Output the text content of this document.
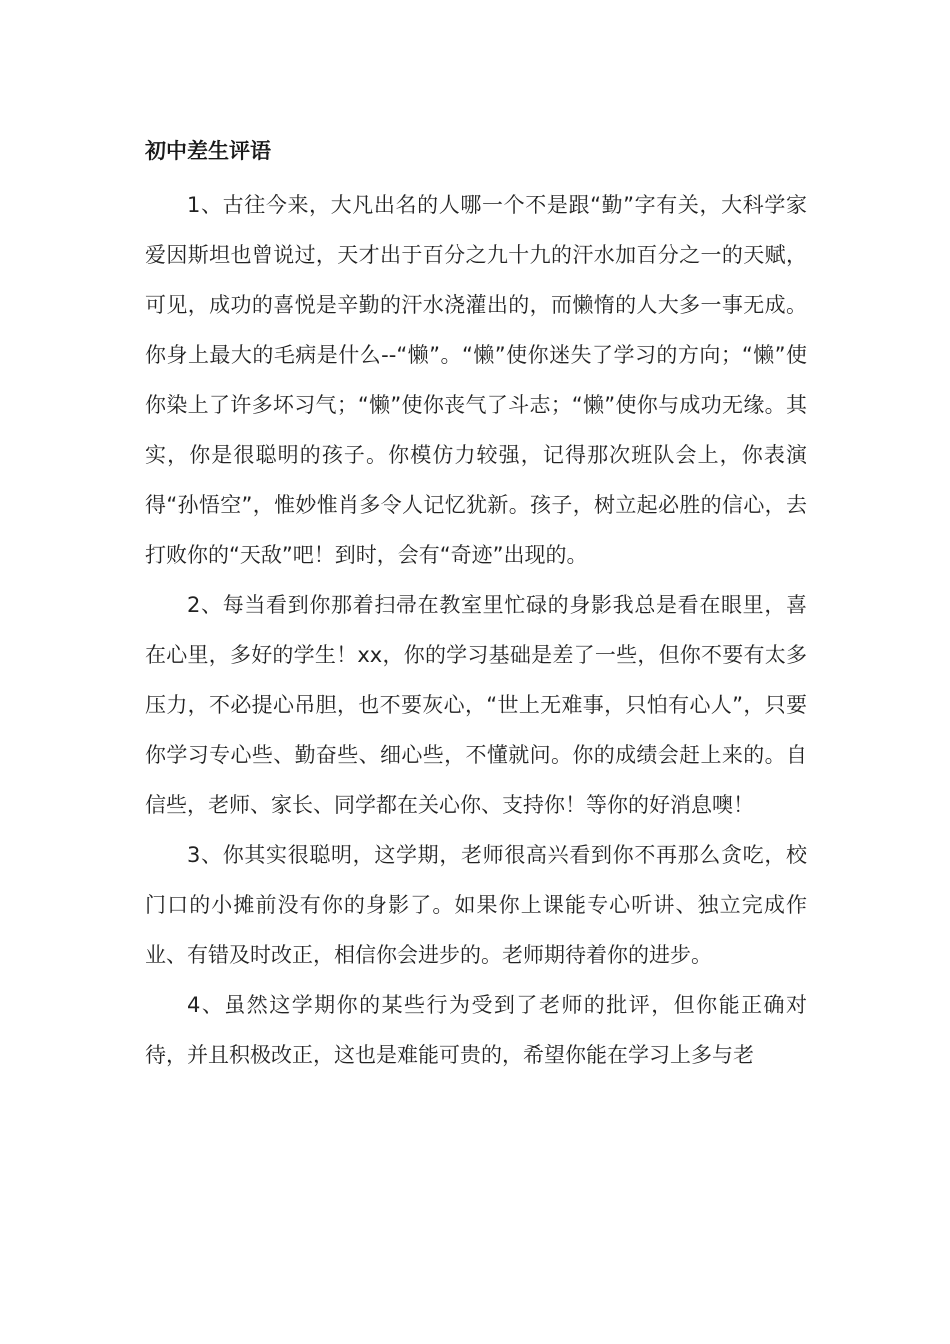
初中差生评语

1、古往今来，大凡出名的人哪一个不是跟“勤”字有关，大科学家爱因斯坦也曾说过，天才出于百分之九十九的汗水加百分之一的天赋，可见，成功的喜悦是辛勤的汗水浇灌出的，而懒惰的人大多一事无成。你身上最大的毛病是什么--“懒”。“懒”使你迷失了学习的方向；“懒”使你染上了许多坏习气；“懒”使你丧气了斗志；“懒”使你与成功无缘。其实，你是很聪明的孩子。你模仿力较强，记得那次班队会上，你表演得“孙悟空”，惟妙惟肖多令人记忆犹新。孩子，树立起必胜的信心，去打败你的“天敌”吧！到时，会有“奇迹”出现的。

2、每当看到你那着扫帚在教室里忙碌的身影我总是看在眼里，喜在心里，多好的学生！xx，你的学习基础是差了一些，但你不要有太多压力，不必提心吊胆，也不要灰心，“世上无难事，只怕有心人”，只要你学习专心些、勤奋些、细心些，不懂就问。你的成绩会赶上来的。自信些，老师、家长、同学都在关心你、支持你！等你的好消息噢！

3、你其实很聪明，这学期，老师很高兴看到你不再那么贪吃，校门口的小摊前没有你的身影了。如果你上课能专心听讲、独立完成作业、有错及时改正，相信你会进步的。老师期待着你的进步。

4、虽然这学期你的某些行为受到了老师的批评，但你能正确对待，并且积极改正，这也是难能可贵的，希望你能在学习上多与老
